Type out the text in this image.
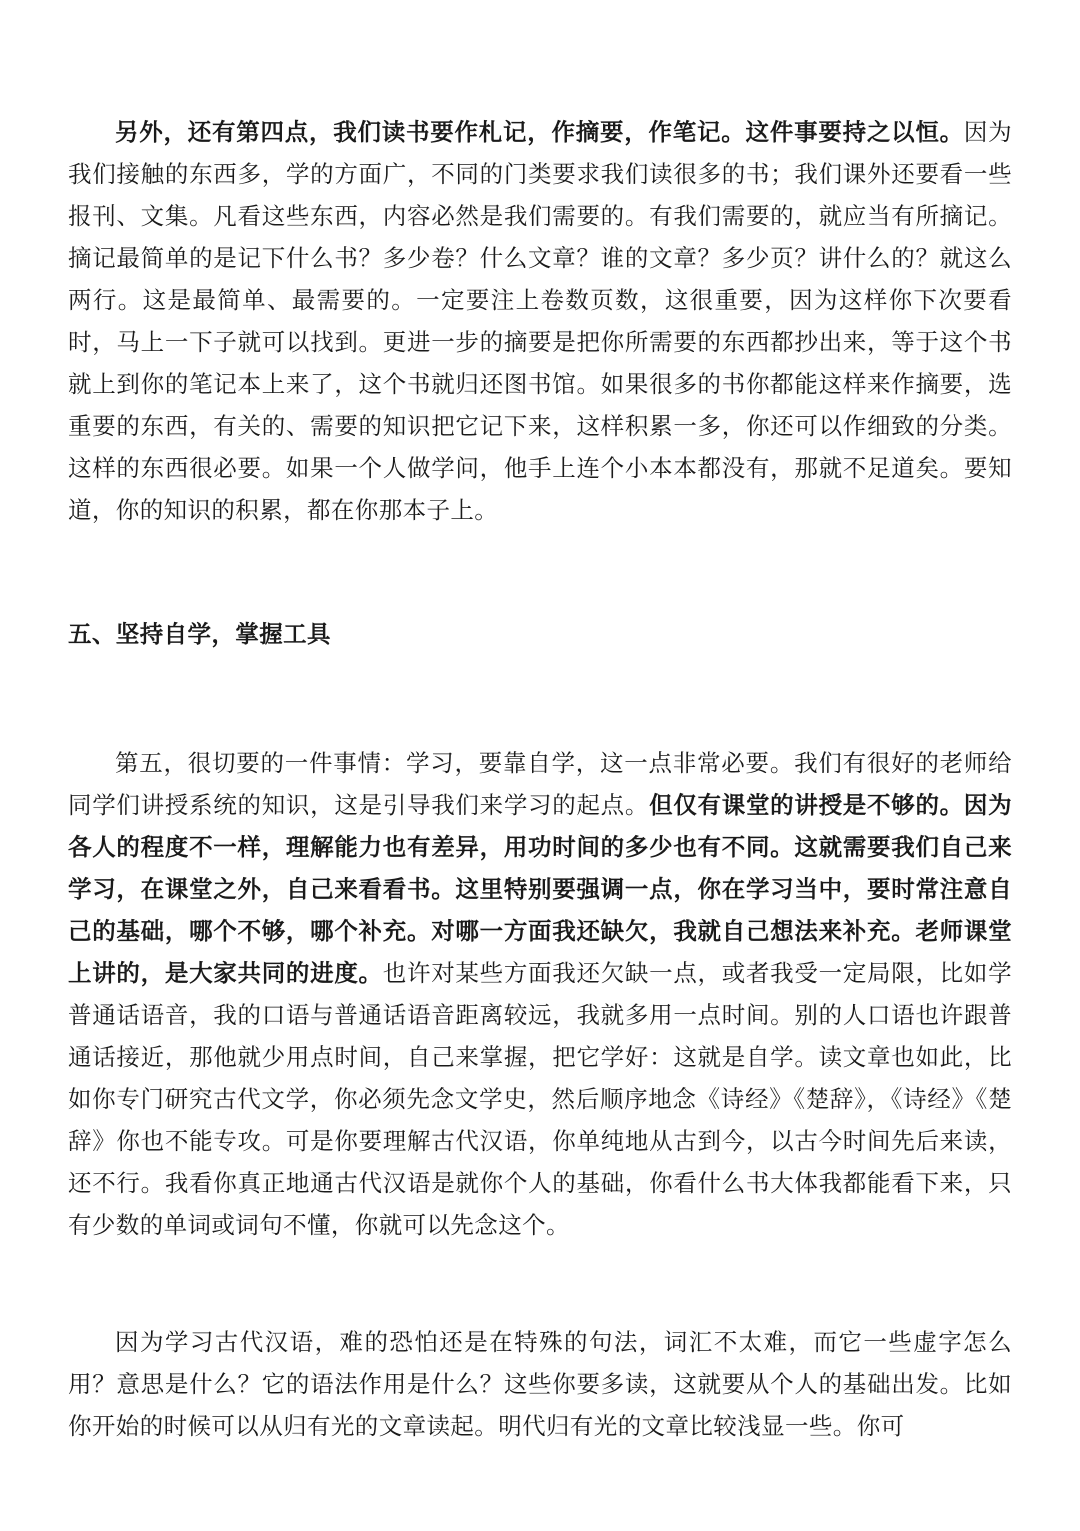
另外，还有第四点，我们读书要作札记，作摘要，作笔记。这件事要持之以恒。因为我们接触的东西多，学的方面广，不同的门类要求我们读很多的书；我们课外还要看一些报刊、文集。凡看这些东西，内容必然是我们需要的。有我们需要的，就应当有所摘记。摘记最简单的是记下什么书？多少卷？什么文章？谁的文章？多少页？讲什么的？就这么两行。这是最简单、最需要的。一定要注上卷数页数，这很重要，因为这样你下次要看时，马上一下子就可以找到。更进一步的摘要是把你所需要的东西都抄出来，等于这个书就上到你的笔记本上来了，这个书就归还图书馆。如果很多的书你都能这样来作摘要，选重要的东西，有关的、需要的知识把它记下来，这样积累一多，你还可以作细致的分类。这样的东西很必要。如果一个人做学问，他手上连个小本本都没有，那就不足道矣。要知道，你的知识的积累，都在你那本子上。

五、坚持自学，掌握工具

第五，很切要的一件事情：学习，要靠自学，这一点非常必要。我们有很好的老师给同学们讲授系统的知识，这是引导我们来学习的起点。但仅有课堂的讲授是不够的。因为各人的程度不一样，理解能力也有差异，用功时间的多少也有不同。这就需要我们自己来学习，在课堂之外，自己来看看书。这里特别要强调一点，你在学习当中，要时常注意自己的基础，哪个不够，哪个补充。对哪一方面我还缺欠，我就自己想法来补充。老师课堂上讲的，是大家共同的进度。也许对某些方面我还欠缺一点，或者我受一定局限，比如学普通话语音，我的口语与普通话语音距离较远，我就多用一点时间。别的人口语也许跟普通话接近，那他就少用点时间，自己来掌握，把它学好：这就是自学。读文章也如此，比如你专门研究古代文学，你必须先念文学史，然后顺序地念《诗经》《楚辞》，《诗经》《楚辞》你也不能专攻。可是你要理解古代汉语，你单纯地从古到今，以古今时间先后来读，还不行。我看你真正地通古代汉语是就你个人的基础，你看什么书大体我都能看下来，只有少数的单词或词句不懂，你就可以先念这个。

因为学习古代汉语，难的恐怕还是在特殊的句法，词汇不太难，而它一些虚字怎么用？意思是什么？它的语法作用是什么？这些你要多读，这就要从个人的基础出发。比如你开始的时候可以从归有光的文章读起。明代归有光的文章比较浅显一些。你可
